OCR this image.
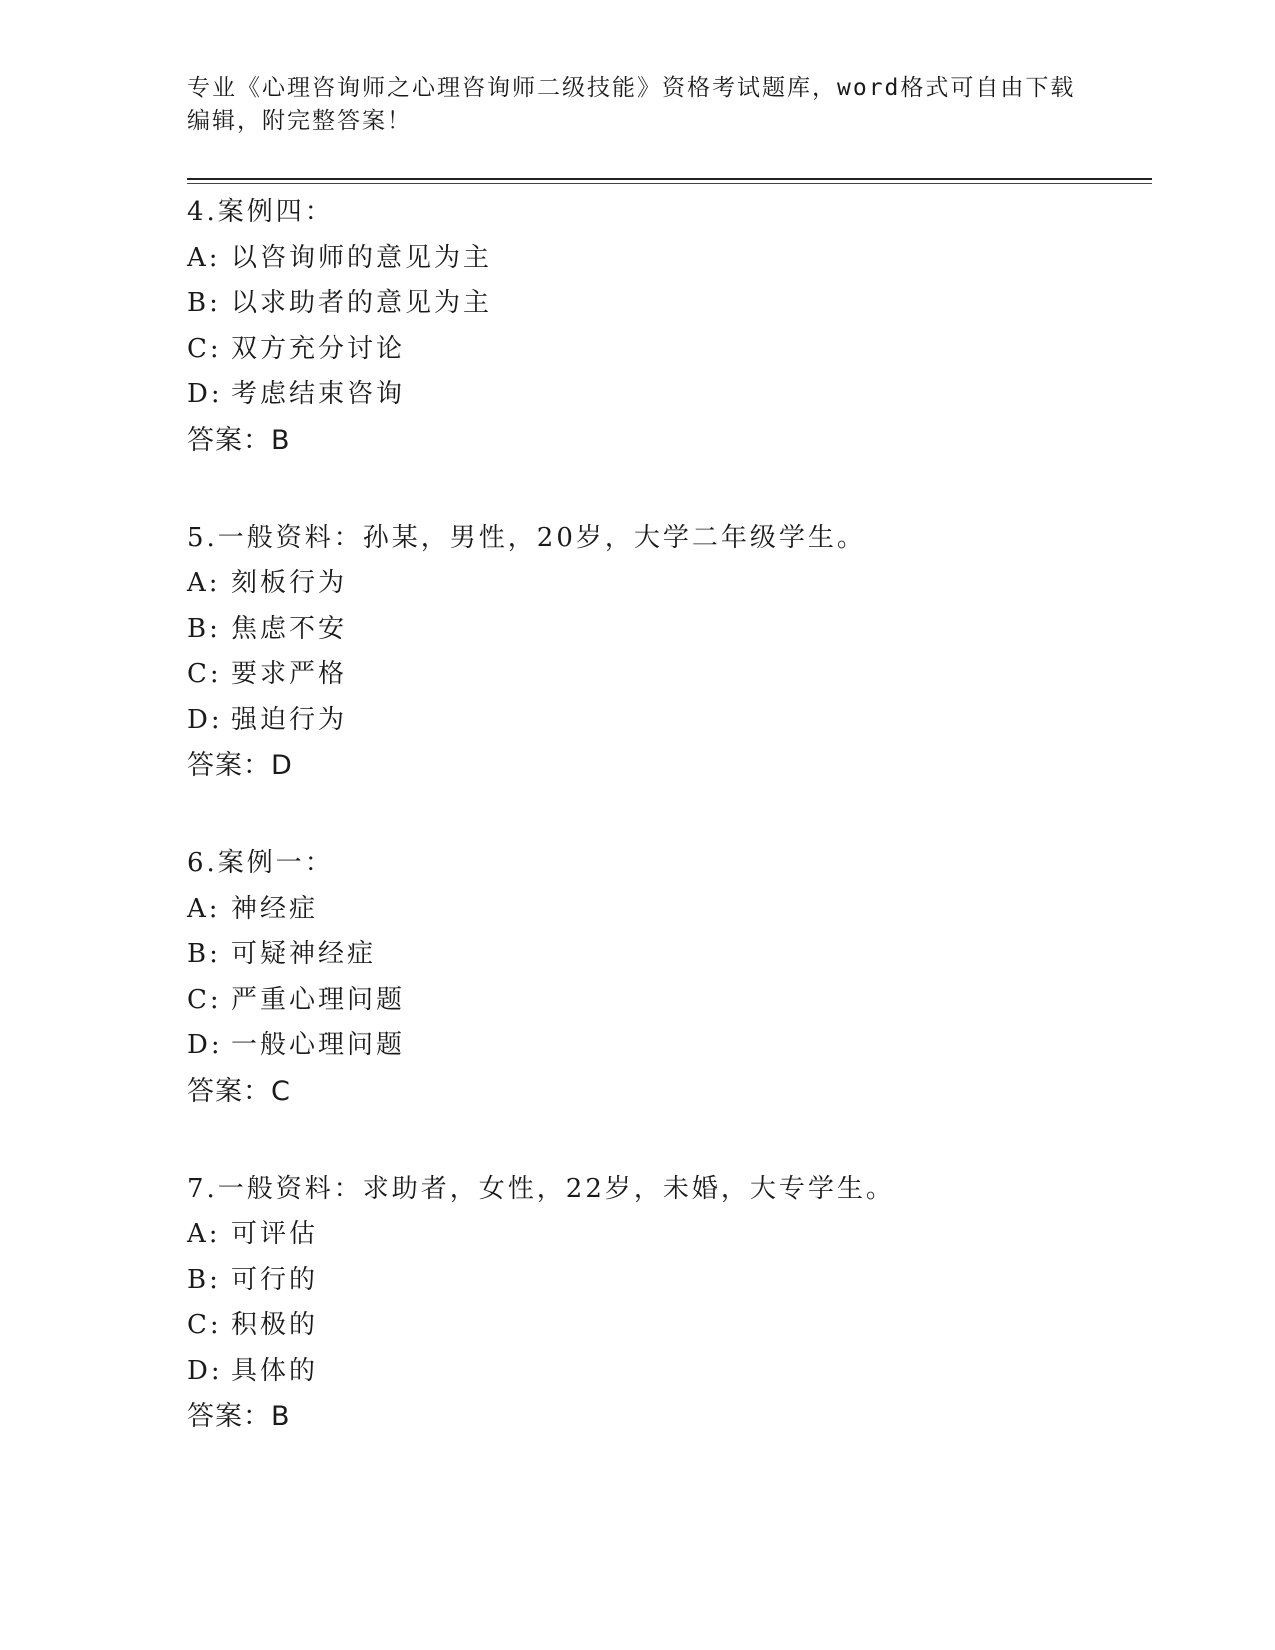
专业《心理咨询师之心理咨询师二级技能》资格考试题库，word格式可自由下载
编辑，附完整答案！
4.案例四：
A: 以咨询师的意见为主
B: 以求助者的意见为主
C: 双方充分讨论
D: 考虑结束咨询
答案：B
5.一般资料：孙某，男性，20岁，大学二年级学生。
A: 刻板行为
B: 焦虑不安
C: 要求严格
D: 强迫行为
答案：D
6.案例一：
A: 神经症
B: 可疑神经症
C: 严重心理问题
D: 一般心理问题
答案：C
7.一般资料：求助者，女性，22岁，未婚，大专学生。
A: 可评估
B: 可行的
C: 积极的
D: 具体的
答案：B
